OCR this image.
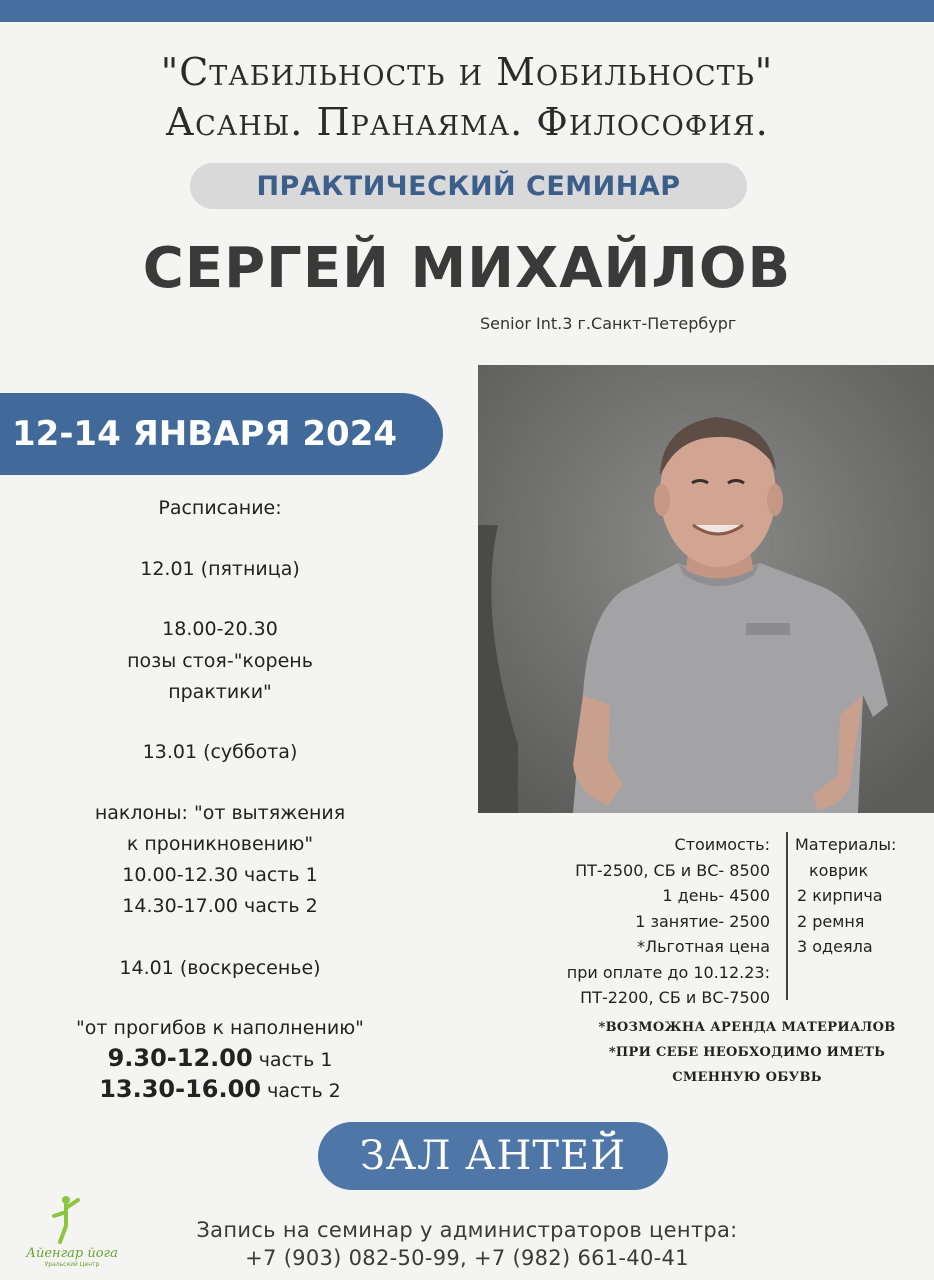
"Стабильность и Мобильность"
Асаны. Пранаяма. Философия.
ПРАКТИЧЕСКИЙ СЕМИНАР
СЕРГЕЙ МИХАЙЛОВ
Senior Int.3 г.Санкт-Петербург
12-14 ЯНВАРЯ 2024
Расписание:
12.01 (пятница)
18.00-20.30
позы стоя-"корень
практики"
13.01 (суббота)
наклоны: "от вытяжения
к проникновению"
10.00-12.30 часть 1
14.30-17.00 часть 2
14.01 (воскресенье)
"от прогибов к наполнению"
9.30-12.00 часть 1
13.30-16.00 часть 2
Стоимость:
ПТ-2500, СБ и ВС- 8500
1 день- 4500
1 занятие- 2500
*Льготная цена
при оплате до 10.12.23:
ПТ-2200, СБ и ВС-7500
Материалы:
коврик
2 кирпича
2 ремня
3 одеяла
*ВОЗМОЖНА АРЕНДА МАТЕРИАЛОВ
*ПРИ СЕБЕ НЕОБХОДИМО ИМЕТЬ
СМЕННУЮ ОБУВЬ
ЗАЛ АНТЕЙ
Запись на семинар у администраторов центра:
+7 (903) 082-50-99, +7 (982) 661-40-41
Айенгар йога
Уральский Центр
